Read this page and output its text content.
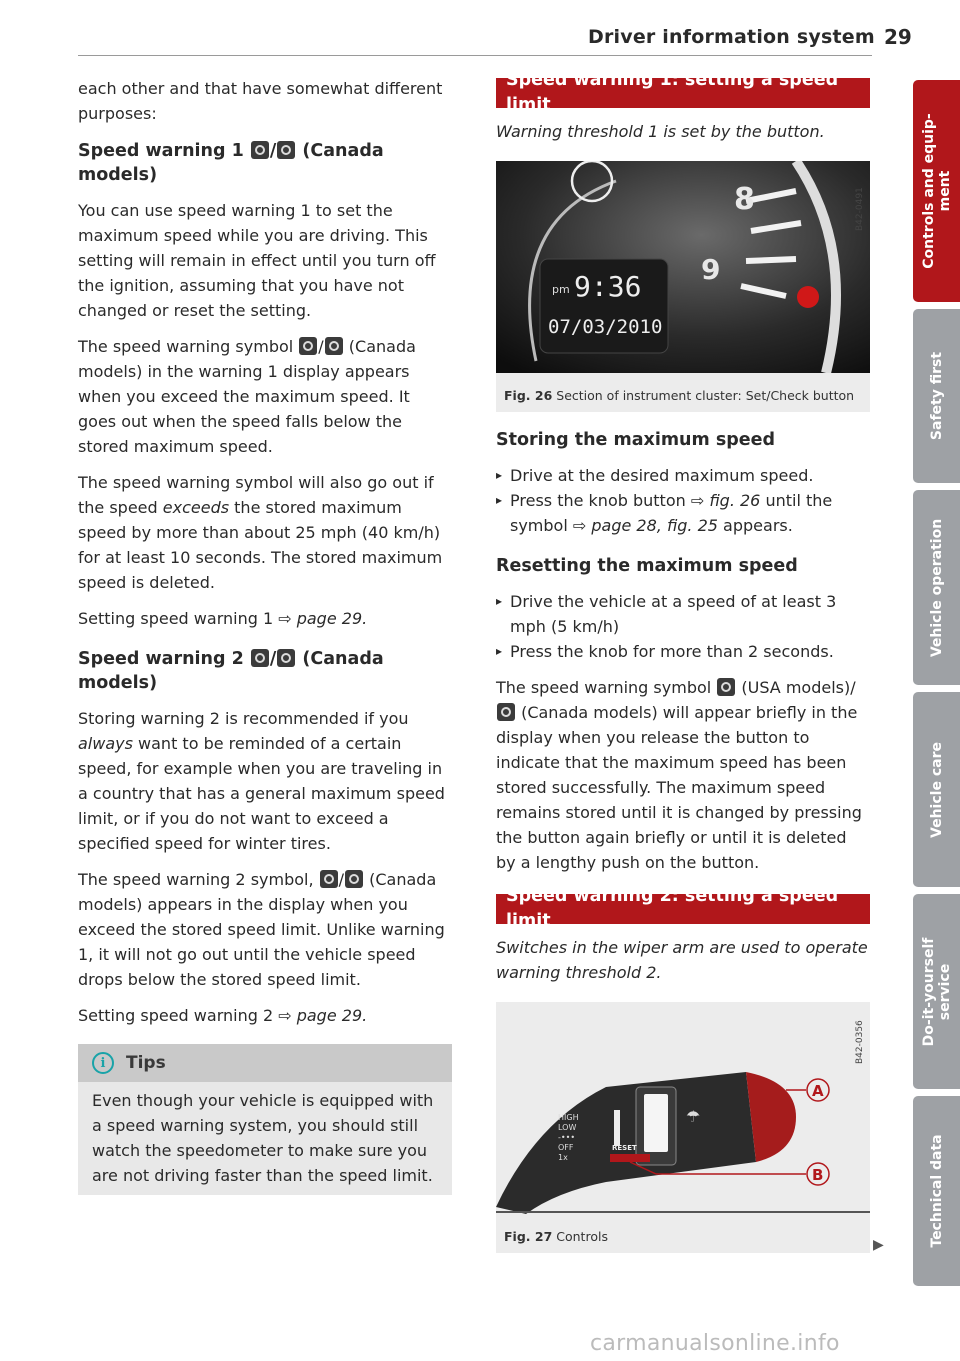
Driver information system 29

each other and that have somewhat different purposes:

Speed warning 1 / (Canada models)

You can use speed warning 1 to set the maximum speed while you are driving. This setting will remain in effect until you turn off the ignition, assuming that you have not changed or reset the setting.

The speed warning symbol / (Canada models) in the warning 1 display appears when you exceed the maximum speed. It goes out when the speed falls below the stored maximum speed.

The speed warning symbol will also go out if the speed exceeds the stored maximum speed by more than about 25 mph (40 km/h) for at least 10 seconds. The stored maximum speed is deleted.

Setting speed warning 1 ⇨ page 29.

Speed warning 2 / (Canada models)

Storing warning 2 is recommended if you always want to be reminded of a certain speed, for example when you are traveling in a country that has a general maximum speed limit, or if you do not want to exceed a specified speed for winter tires.

The speed warning 2 symbol, / (Canada models) appears in the display when you exceed the stored speed limit. Unlike warning 1, it will not go out until the vehicle speed drops below the stored speed limit.

Setting speed warning 2 ⇨ page 29.

i	Tips
Even though your vehicle is equipped with a speed warning system, you should still watch the speedometer to make sure you are not driving faster than the speed limit.
Speed warning 1: setting a speed limit

Warning threshold 1 is set by the button.

8
9
pm 9:36
07/03/2010
B42-0491
Fig. 26 Section of instrument cluster: Set/Check button
Storing the maximum speed
▸ Drive at the desired maximum speed.
▸ Press the knob button ⇨ fig. 26 until the symbol ⇨ page 28, fig. 25 appears.
Resetting the maximum speed
▸ Drive the vehicle at a speed of at least 3 mph (5 km/h)
▸ Press the knob for more than 2 seconds.

The speed warning symbol  (USA models)/  (Canada models) will appear briefly in the display when you release the button to indicate that the maximum speed has been stored successfully. The maximum speed remains stored until it is changed by pressing the button again briefly or until it is deleted by a lengthy push on the button.

Speed warning 2: setting a speed limit

Switches in the wiper arm are used to operate warning threshold 2.

HIGH
LOW
-•••
OFF
1x
☂
RESET
A
B
B42-0356
Fig. 27 Controls
▶
Controls and equip-
ment
Safety first
Vehicle operation
Vehicle care
Do-it-yourself
service
Technical data
carmanualsonline.info
